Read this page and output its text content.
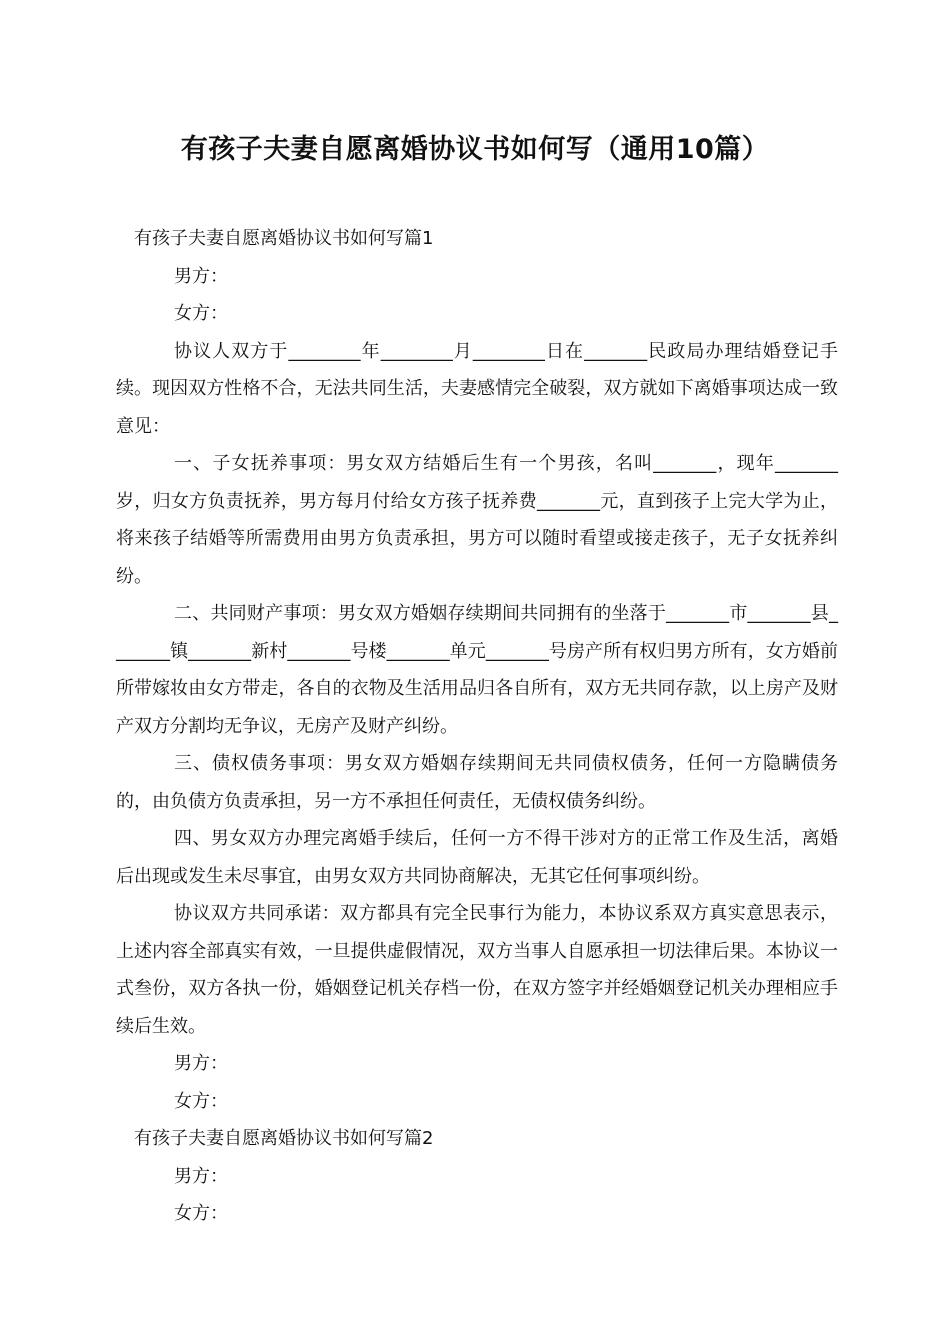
有孩子夫妻自愿离婚协议书如何写（通用10篇）

有孩子夫妻自愿离婚协议书如何写篇1

男方：

女方：

协议人双方于________年________月________日在_______民政局办理结婚登记手续。现因双方性格不合，无法共同生活，夫妻感情完全破裂，双方就如下离婚事项达成一致意见：

一、子女抚养事项：男女双方结婚后生有一个男孩，名叫_______，现年_______岁，归女方负责抚养，男方每月付给女方孩子抚养费_______元，直到孩子上完大学为止，将来孩子结婚等所需费用由男方负责承担，男方可以随时看望或接走孩子，无子女抚养纠纷。

二、共同财产事项：男女双方婚姻存续期间共同拥有的坐落于_______市_______县_______镇_______新村_______号楼_______单元_______号房产所有权归男方所有，女方婚前所带嫁妆由女方带走，各自的衣物及生活用品归各自所有，双方无共同存款，以上房产及财产双方分割均无争议，无房产及财产纠纷。

三、债权债务事项：男女双方婚姻存续期间无共同债权债务，任何一方隐瞒债务的，由负债方负责承担，另一方不承担任何责任，无债权债务纠纷。

四、男女双方办理完离婚手续后，任何一方不得干涉对方的正常工作及生活，离婚后出现或发生未尽事宜，由男女双方共同协商解决，无其它任何事项纠纷。

协议双方共同承诺：双方都具有完全民事行为能力，本协议系双方真实意思表示，上述内容全部真实有效，一旦提供虚假情况，双方当事人自愿承担一切法律后果。本协议一式叁份，双方各执一份，婚姻登记机关存档一份，在双方签字并经婚姻登记机关办理相应手续后生效。

男方：

女方：

有孩子夫妻自愿离婚协议书如何写篇2

男方：

女方：
